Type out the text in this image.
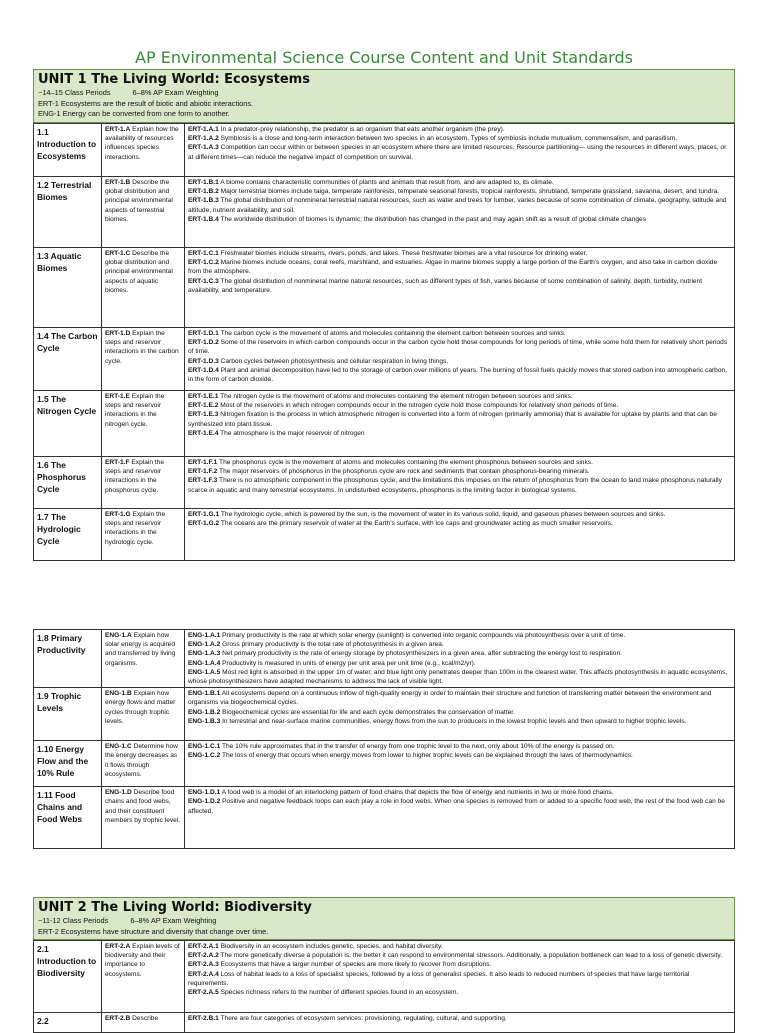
AP Environmental Science Course Content and Unit Standards
UNIT 1 The Living World: Ecosystems
~14–15 Class Periods	6–8% AP Exam Weighting
ERT-1 Ecosystems are the result of biotic and abiotic interactions.
ENG-1 Energy can be converted from one form to another.
1.1 Introduction to Ecosystems	ERT-1.A Explain how the availability of resources influences species interactions.	ERT-1.A.1 In a predator-prey relationship, the predator is an organism that eats another organism (the prey).
ERT-1.A.2 Symbiosis is a close and long-term interaction between two species in an ecosystem. Types of symbiosis include mutualism, commensalism, and parasitism.
ERT-1.A.3 Competition can occur within or between species in an ecosystem where there are limited resources. Resource partitioning— using the resources in different ways, places, or at different times—can reduce the negative impact of competition on survival.

1.2 Terrestrial Biomes	ERT-1.B Describe the global distribution and principal environmental aspects of terrestrial biomes.	ERT-1.B.1 A biome contains characteristic communities of plants and animals that result from, and are adapted to, its climate.
ERT-1.B.2 Major terrestrial biomes include taiga, temperate rainforests, temperate seasonal forests, tropical rainforests, shrubland, temperate grassland, savanna, desert, and tundra.
ERT-1.B.3 The global distribution of nonmineral terrestrial natural resources, such as water and trees for lumber, varies because of some combination of climate, geography, latitude and altitude, nutrient availability, and soil.
ERT-1.B.4 The worldwide distribution of biomes is dynamic; the distribution has changed in the past and may again shift as a result of global climate changes

1.3 Aquatic Biomes	ERT-1.C Describe the global distribution and principal environmental aspects of aquatic biomes.	ERT-1.C.1 Freshwater biomes include streams, rivers, ponds, and lakes. These freshwater biomes are a vital resource for drinking water.
ERT-1.C.2 Marine biomes include oceans, coral reefs, marshland, and estuaries. Algae in marine biomes supply a large portion of the Earth’s oxygen, and also take in carbon dioxide from the atmosphere.
ERT-1.C.3 The global distribution of nonmineral marine natural resources, such as different types of fish, varies because of some combination of salinity, depth, turbidity, nutrient availability, and temperature.

1.4 The Carbon Cycle	ERT-1.D Explain the steps and reservoir interactions in the carbon cycle.	ERT-1.D.1 The carbon cycle is the movement of atoms and molecules containing the element carbon between sources and sinks.
ERT-1.D.2 Some of the reservoirs in which carbon compounds occur in the carbon cycle hold those compounds for long periods of time, while some hold them for relatively short periods of time.
ERT-1.D.3 Carbon cycles between photosynthesis and cellular respiration in living things.
ERT-1.D.4 Plant and animal decomposition have led to the storage of carbon over millions of years. The burning of fossil fuels quickly moves that stored carbon into atmospheric carbon, in the form of carbon dioxide.

1.5 The Nitrogen Cycle	ERT-1.E Explain the steps and reservoir interactions in the nitrogen cycle.	ERT-1.E.1 The nitrogen cycle is the movement of atoms and molecules containing the element nitrogen between sources and sinks.
ERT-1.E.2 Most of the reservoirs in which nitrogen compounds occur in the nitrogen cycle hold those compounds for relatively short periods of time.
ERT-1.E.3 Nitrogen fixation is the process in which atmospheric nitrogen is converted into a form of nitrogen (primarily ammonia) that is available for uptake by plants and that can be synthesized into plant tissue.
ERT-1.E.4 The atmosphere is the major reservoir of nitrogen

1.6 The Phosphorus Cycle	ERT-1.F Explain the steps and reservoir interactions in the phosphorus cycle.	ERT-1.F.1 The phosphorus cycle is the movement of atoms and molecules containing the element phosphorus between sources and sinks.
ERT-1.F.2 The major reservoirs of phosphorus in the phosphorus cycle are rock and sediments that contain phosphorus-bearing minerals.
ERT-1.F.3 There is no atmospheric component in the phosphorus cycle, and the limitations this imposes on the return of phosphorus from the ocean to land make phosphorus naturally scarce in aquatic and many terrestrial ecosystems. In undisturbed ecosystems, phosphorus is the limiting factor in biological systems.

1.7 The Hydrologic Cycle	ERT-1.G Explain the steps and reservoir interactions in the hydrologic cycle.	ERT-1.G.1 The hydrologic cycle, which is powered by the sun, is the movement of water in its various solid, liquid, and gaseous phases between sources and sinks.
ERT-1.G.2 The oceans are the primary reservoir of water at the Earth’s surface, with ice caps and groundwater acting as much smaller reservoirs.
1.8 Primary Productivity	ENG-1.A Explain how solar energy is acquired and transferred by living organisms.	ENG-1.A.1 Primary productivity is the rate at which solar energy (sunlight) is converted into organic compounds via photosynthesis over a unit of time.
ENG-1.A.2 Gross primary productivity is the total rate of photosynthesis in a given area.
ENG-1.A.3 Net primary productivity is the rate of energy storage by photosynthesizers in a given area, after subtracting the energy lost to respiration.
ENG-1.A.4 Productivity is measured in units of energy per unit area per unit time (e.g., kcal/m2/yr).
ENG-1.A.5 Most red light is absorbed in the upper 1m of water, and blue light only penetrates deeper than 100m in the clearest water. This affects photosynthesis in aquatic ecosystems, whose photosynthesizers have adapted mechanisms to address the lack of visible light.

1.9 Trophic Levels	ENG-1.B Explain how energy flows and matter cycles through trophic levels.	ENG-1.B.1 All ecosystems depend on a continuous inflow of high-quality energy in order to maintain their structure and function of transferring matter between the environment and organisms via biogeochemical cycles.
ENG-1.B.2 Biogeochemical cycles are essential for life and each cycle demonstrates the conservation of matter.
ENG-1.B.3 In terrestrial and near-surface marine communities, energy flows from the sun to producers in the lowest trophic levels and then upward to higher trophic levels.

1.10 Energy Flow and the 10% Rule	ENG-1.C Determine how the energy decreases as it flows through ecosystems.	ENG-1.C.1 The 10% rule approximates that in the transfer of energy from one trophic level to the next, only about 10% of the energy is passed on.
ENG-1.C.2 The loss of energy that occurs when energy moves from lower to higher trophic levels can be explained through the laws of thermodynamics.

1.11 Food Chains and Food Webs	ENG-1.D Describe food chains and food webs, and their constituent members by trophic level.	ENG-1.D.1 A food web is a model of an interlocking pattern of food chains that depicts the flow of energy and nutrients in two or more food chains.
ENG-1.D.2 Positive and negative feedback loops can each play a role in food webs. When one species is removed from or added to a specific food web, the rest of the food web can be affected.
UNIT 2 The Living World: Biodiversity
~11-12 Class Periods	6–8% AP Exam Weighting
ERT-2 Ecosystems have structure and diversity that change over time.
2.1 Introduction to Biodiversity	ERT-2.A Explain levels of biodiversity and their importance to ecosystems.	ERT-2.A.1 Biodiversity in an ecosystem includes genetic, species, and habitat diversity.
ERT-2.A.2 The more genetically diverse a population is, the better it can respond to environmental stressors. Additionally, a population bottleneck can lead to a loss of genetic diversity.
ERT-2.A.3 Ecosystems that have a larger number of species are more likely to recover from disruptions.
ERT-2.A.4 Loss of habitat leads to a loss of specialist species, followed by a loss of generalist species. It also leads to reduced numbers of species that have large territorial requirements.
ERT-2.A.5 Species richness refers to the number of different species found in an ecosystem.

2.2	ERT-2.B Describe	ERT-2.B.1 There are four categories of ecosystem services: provisioning, regulating, cultural, and supporting.
